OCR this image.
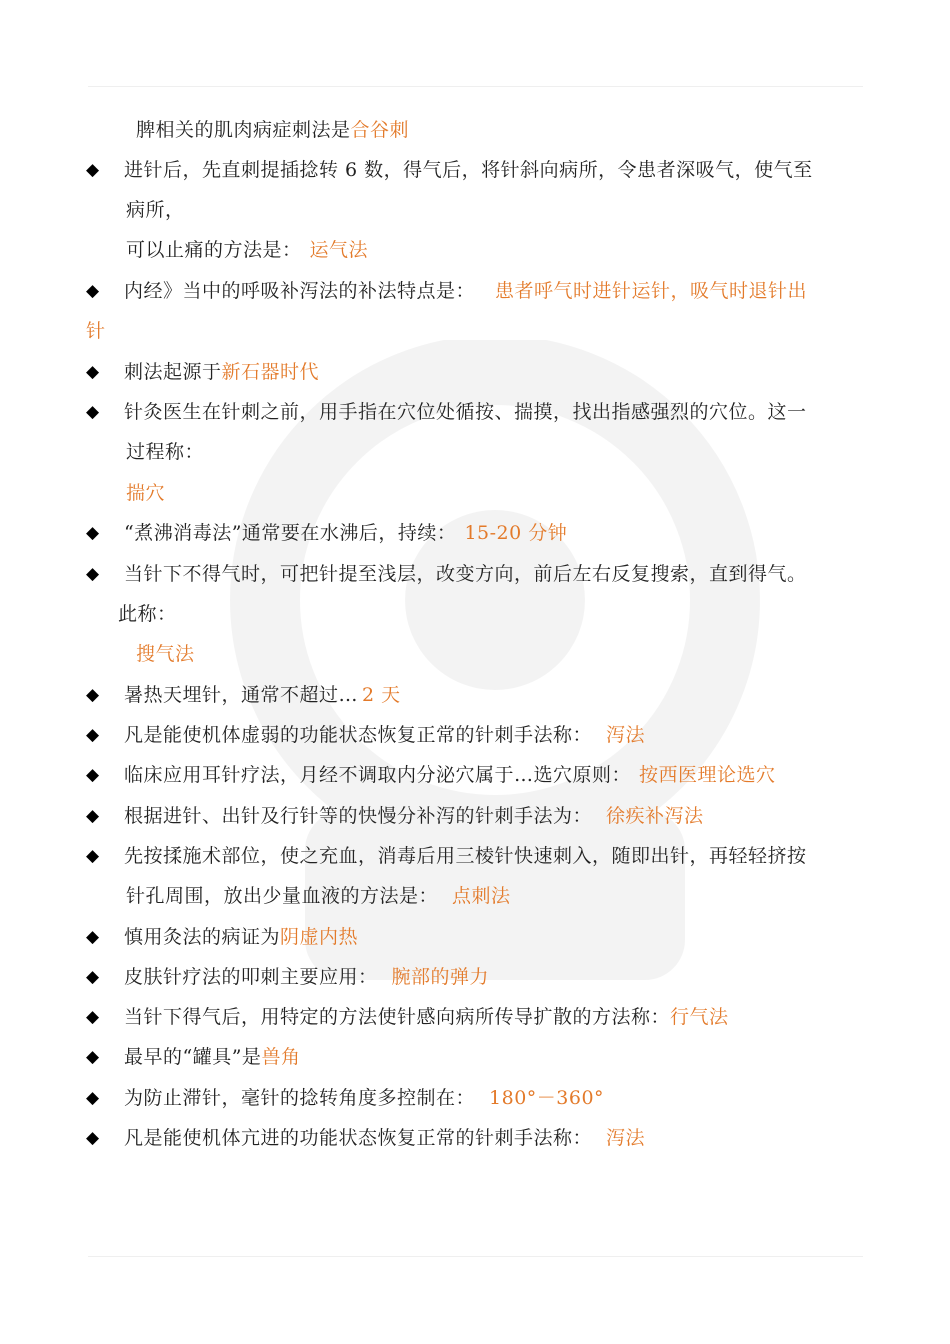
脾相关的肌肉病症刺法是合谷刺
◆ 进针后，先直刺提插捻转 6 数，得气后，将针斜向病所，令患者深吸气，使气至
病所，
可以止痛的方法是： 运气法
◆ 内经》当中的呼吸补泻法的补法特点是： 患者呼气时进针运针，吸气时退针出
针
◆ 刺法起源于新石器时代
◆ 针灸医生在针刺之前，用手指在穴位处循按、揣摸，找出指感强烈的穴位。这一
过程称：
揣穴
◆ “煮沸消毒法”通常要在水沸后，持续： 15-20 分钟
◆ 当针下不得气时，可把针提至浅层，改变方向，前后左右反复搜索，直到得气。
此称：
搜气法
◆ 暑热天埋针，通常不超过… 2 天
◆ 凡是能使机体虚弱的功能状态恢复正常的针刺手法称： 泻法
◆ 临床应用耳针疗法，月经不调取内分泌穴属于…选穴原则： 按西医理论选穴
◆ 根据进针、出针及行针等的快慢分补泻的针刺手法为： 徐疾补泻法
◆ 先按揉施术部位，使之充血，消毒后用三棱针快速刺入，随即出针，再轻轻挤按
针孔周围，放出少量血液的方法是： 点刺法
◆ 慎用灸法的病证为阴虚内热
◆ 皮肤针疗法的叩刺主要应用： 腕部的弹力
◆ 当针下得气后，用特定的方法使针感向病所传导扩散的方法称：行气法
◆ 最早的“罐具”是兽角
◆ 为防止滞针，毫针的捻转角度多控制在： 180°－360°
◆ 凡是能使机体亢进的功能状态恢复正常的针刺手法称： 泻法
